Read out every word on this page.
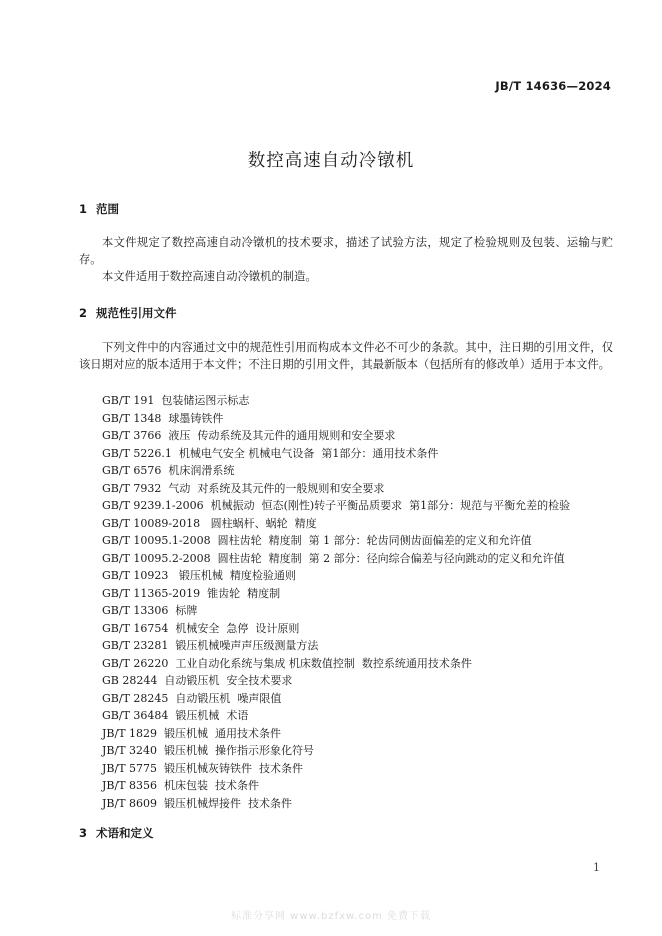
JB/T 14636—2024
数控高速自动冷镦机
1 范围

本文件规定了数控高速自动冷镦机的技术要求，描述了试验方法，规定了检验规则及包装、运输与贮存。

本文件适用于数控高速自动冷镦机的制造。

2 规范性引用文件

下列文件中的内容通过文中的规范性引用而构成本文件必不可少的条款。其中，注日期的引用文件，仅该日期对应的版本适用于本文件；不注日期的引用文件，其最新版本（包括所有的修改单）适用于本文件。

GB/T 191  包装储运图示标志
GB/T 1348  球墨铸铁件
GB/T 3766  液压  传动系统及其元件的通用规则和安全要求
GB/T 5226.1  机械电气安全 机械电气设备  第1部分：通用技术条件
GB/T 6576  机床润滑系统
GB/T 7932  气动  对系统及其元件的一般规则和安全要求
GB/T 9239.1-2006  机械振动  恒态(刚性)转子平衡品质要求  第1部分：规范与平衡允差的检验
GB/T 10089-2018   圆柱蜗杆、蜗轮  精度
GB/T 10095.1-2008  圆柱齿轮  精度制  第 1 部分：轮齿同侧齿面偏差的定义和允许值
GB/T 10095.2-2008  圆柱齿轮  精度制  第 2 部分：径向综合偏差与径向跳动的定义和允许值
GB/T 10923   锻压机械  精度检验通则
GB/T 11365-2019  锥齿轮  精度制
GB/T 13306  标牌
GB/T 16754  机械安全  急停  设计原则
GB/T 23281  锻压机械噪声声压级测量方法
GB/T 26220  工业自动化系统与集成 机床数值控制  数控系统通用技术条件
GB 28244  自动锻压机  安全技术要求
GB/T 28245  自动锻压机  噪声限值
GB/T 36484  锻压机械  术语
JB/T 1829  锻压机械  通用技术条件
JB/T 3240  锻压机械  操作指示形象化符号
JB/T 5775  锻压机械灰铸铁件  技术条件
JB/T 8356  机床包装  技术条件
JB/T 8609  锻压机械焊接件  技术条件
3 术语和定义
1
标准分享网 www.bzfxw.com 免费下载
